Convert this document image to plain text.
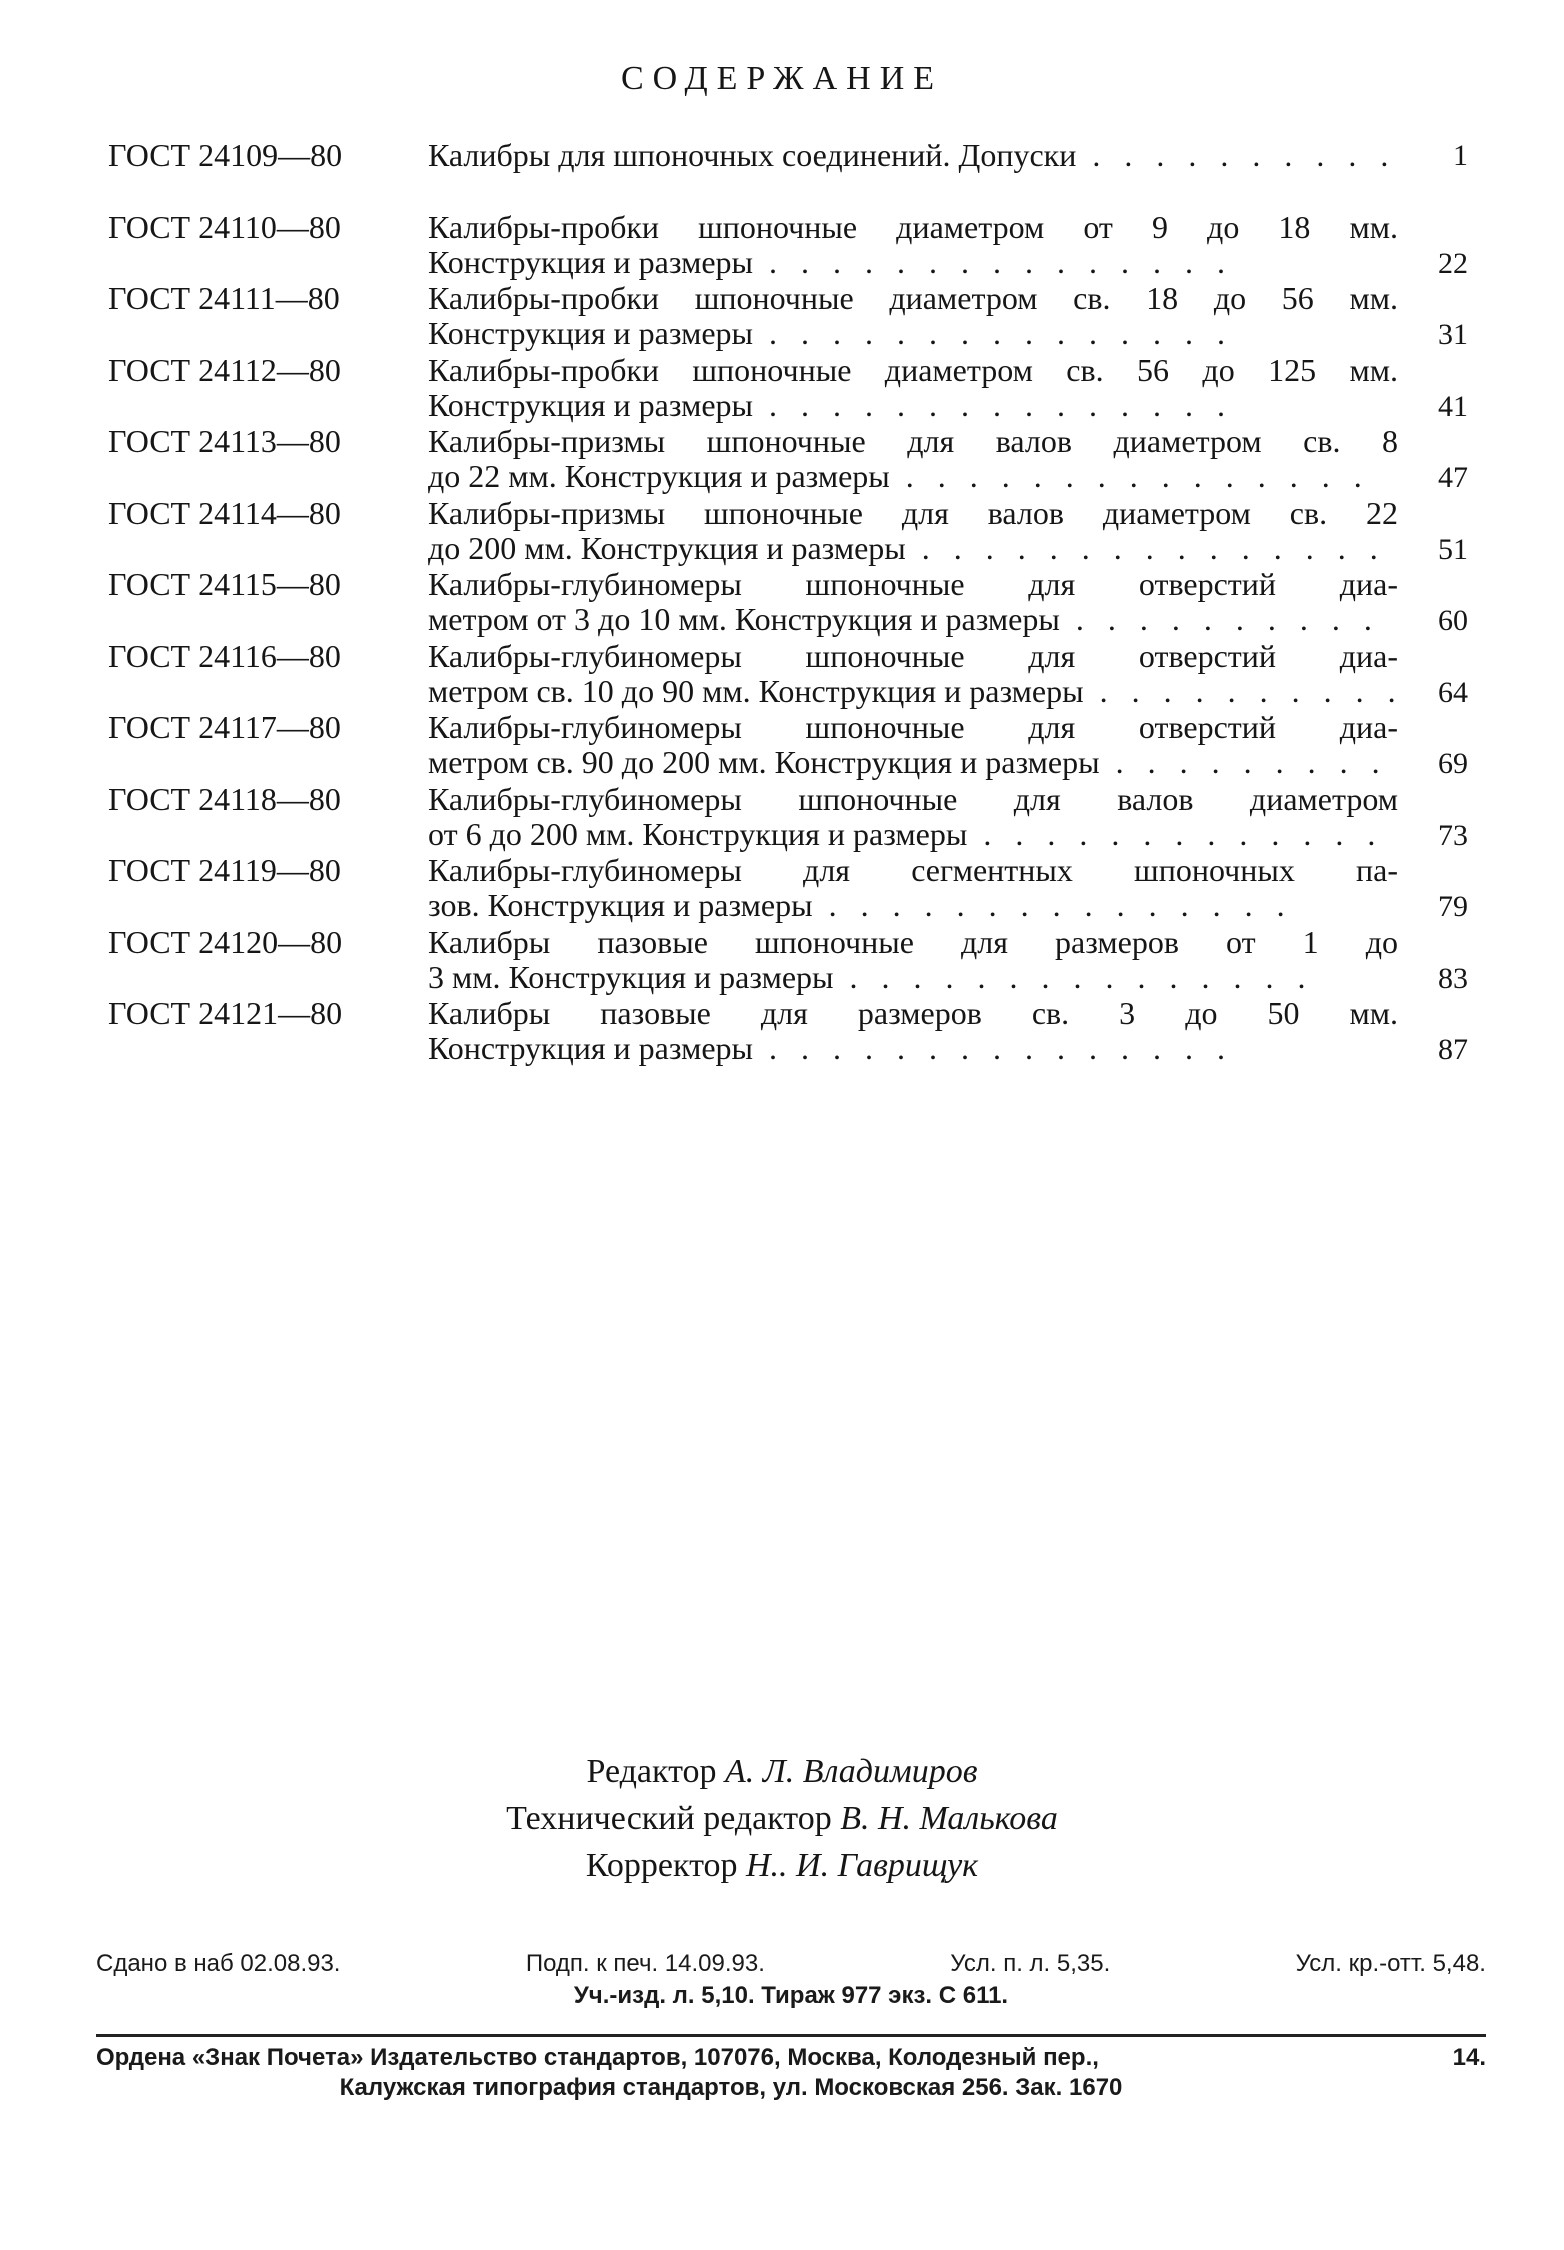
СОДЕРЖАНИЕ
ГОСТ 24109—80	Калибры для шпоночных соединений. Допуски . .	1
ГОСТ 24110—80	Калибры-пробки шпоночные диаметром от 9 до 18 мм.
Конструкция и размеры . .	22
ГОСТ 24111—80	Калибры-пробки шпоночные диаметром св. 18 до 56 мм.
Конструкция и размеры . .	31
ГОСТ 24112—80	Калибры-пробки шпоночные диаметром св. 56 до 125 мм.
Конструкция и размеры . .	41
ГОСТ 24113—80	Калибры-призмы шпоночные для валов диаметром св. 8
до 22 мм. Конструкция и размеры . .	47
ГОСТ 24114—80	Калибры-призмы шпоночные для валов диаметром св. 22
до 200 мм. Конструкция и размеры . .	51
ГОСТ 24115—80	Калибры-глубиномеры шпоночные для отверстий диа-
метром от 3 до 10 мм. Конструкция и размеры . .	60
ГОСТ 24116—80	Калибры-глубиномеры шпоночные для отверстий диа-
метром св. 10 до 90 мм. Конструкция и размеры . .	64
ГОСТ 24117—80	Калибры-глубиномеры шпоночные для отверстий диа-
метром св. 90 до 200 мм. Конструкция и размеры . .	69
ГОСТ 24118—80	Калибры-глубиномеры шпоночные для валов диаметром
от 6 до 200 мм. Конструкция и размеры . .	73
ГОСТ 24119—80	Калибры-глубиномеры для сегментных шпоночных па-
зов. Конструкция и размеры . .	79
ГОСТ 24120—80	Калибры пазовые шпоночные для размеров от 1 до
3 мм. Конструкция и размеры . .	83
ГОСТ 24121—80	Калибры пазовые для размеров св. 3 до 50 мм.
Конструкция и размеры . .	87
Редактор А. Л. Владимиров
Технический редактор В. Н. Малькова
Корректор Н.. И. Гаврищук
Сдано в наб 02.08.93.	Подп. к печ. 14.09.93.	Усл. п. л. 5,35.	Усл. кр.-отт. 5,48.
Уч.-изд. л. 5,10. Тираж 977 экз. С 611.
Ордена «Знак Почета» Издательство стандартов, 107076, Москва, Колодезный пер.,	14.
Калужская типография стандартов, ул. Московская 256. Зак. 1670
